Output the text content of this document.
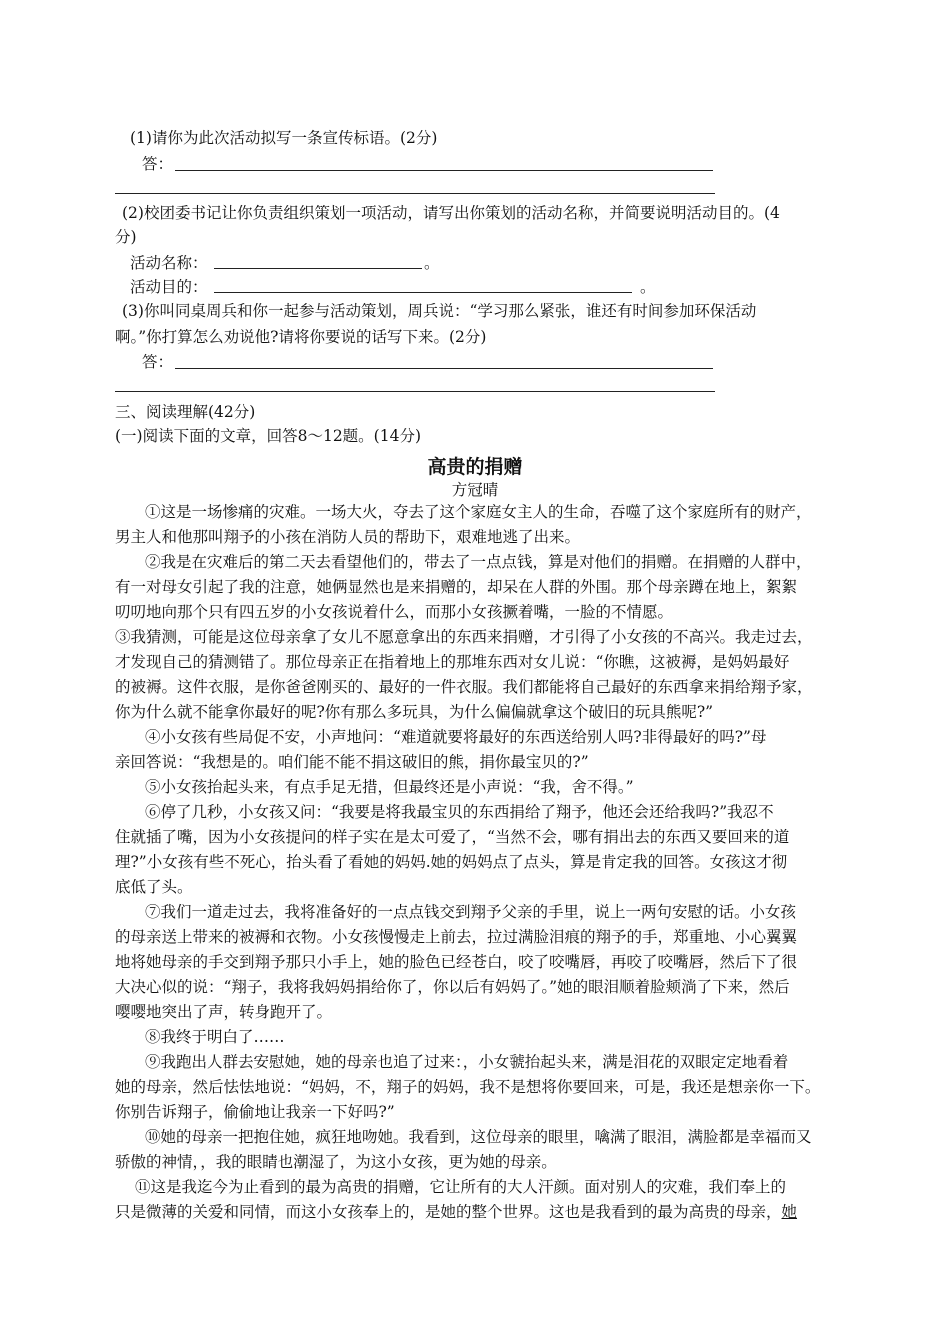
(1)请你为此次活动拟写一条宣传标语。(2分)
答：
(2)校团委书记让你负责组织策划一项活动，请写出你策划的活动名称，并简要说明活动目的。(4
分)
活动名称：	。
活动目的：	。
(3)你叫同桌周兵和你一起参与活动策划，周兵说：“学习那么紧张，谁还有时间参加环保活动
啊。”你打算怎么劝说他?请将你要说的话写下来。(2分)
答：
三、阅读理解(42分)
(一)阅读下面的文章，回答8～12题。(14分)
高贵的捐赠
方冠晴
①这是一场惨痛的灾难。一场大火，夺去了这个家庭女主人的生命，吞噬了这个家庭所有的财产，
男主人和他那叫翔予的小孩在消防人员的帮助下，艰难地逃了出来。
②我是在灾难后的第二天去看望他们的，带去了一点点钱，算是对他们的捐赠。在捐赠的人群中，
有一对母女引起了我的注意，她俩显然也是来捐赠的，却呆在人群的外围。那个母亲蹲在地上，絮絮
叨叨地向那个只有四五岁的小女孩说着什么，而那小女孩撅着嘴，一脸的不情愿。
③我猜测，可能是这位母亲拿了女儿不愿意拿出的东西来捐赠，才引得了小女孩的不高兴。我走过去，
才发现自己的猜测错了。那位母亲正在指着地上的那堆东西对女儿说：“你瞧，这被褥，是妈妈最好
的被褥。这件衣服，是你爸爸刚买的、最好的一件衣服。我们都能将自己最好的东西拿来捐给翔予家，
你为什么就不能拿你最好的呢?你有那么多玩具，为什么偏偏就拿这个破旧的玩具熊呢?”
④小女孩有些局促不安，小声地问：“难道就要将最好的东西送给别人吗?非得最好的吗?”母
亲回答说：“我想是的。咱们能不能不捐这破旧的熊，捐你最宝贝的?”
⑤小女孩抬起头来，有点手足无措，但最终还是小声说：“我，舍不得。”
⑥停了几秒，小女孩又问：“我要是将我最宝贝的东西捐给了翔予，他还会还给我吗?”我忍不
住就插了嘴，因为小女孩提问的样子实在是太可爱了，“当然不会，哪有捐出去的东西又要回来的道
理?”小女孩有些不死心，抬头看了看她的妈妈.她的妈妈点了点头，算是肯定我的回答。女孩这才彻
底低了头。
⑦我们一道走过去，我将准备好的一点点钱交到翔予父亲的手里，说上一两句安慰的话。小女孩
的母亲送上带来的被褥和衣物。小女孩慢慢走上前去，拉过满脸泪痕的翔予的手，郑重地、小心翼翼
地将她母亲的手交到翔予那只小手上，她的脸色已经苍白，咬了咬嘴唇，再咬了咬嘴唇，然后下了很
大决心似的说：“翔子，我将我妈妈捐给你了，你以后有妈妈了。”她的眼泪顺着脸颊淌了下来，然后
嘤嘤地突出了声，转身跑开了。
⑧我终于明白了……
⑨我跑出人群去安慰她，她的母亲也追了过来：，小女虢抬起头来，满是泪花的双眼定定地看着
她的母亲，然后怯怯地说：“妈妈，不，翔子的妈妈，我不是想将你要回来，可是，我还是想亲你一下。
你别告诉翔子，偷偷地让我亲一下好吗?”
⑩她的母亲一把抱住她，疯狂地吻她。我看到，这位母亲的眼里，噙满了眼泪，满脸都是幸福而又
骄傲的神情，，我的眼睛也潮湿了，为这小女孩，更为她的母亲。
⑪这是我迄今为止看到的最为高贵的捐赠，它让所有的大人汗颜。面对别人的灾难，我们奉上的
只是微薄的关爱和同情，而这小女孩奉上的，是她的整个世界。这也是我看到的最为高贵的母亲，她
